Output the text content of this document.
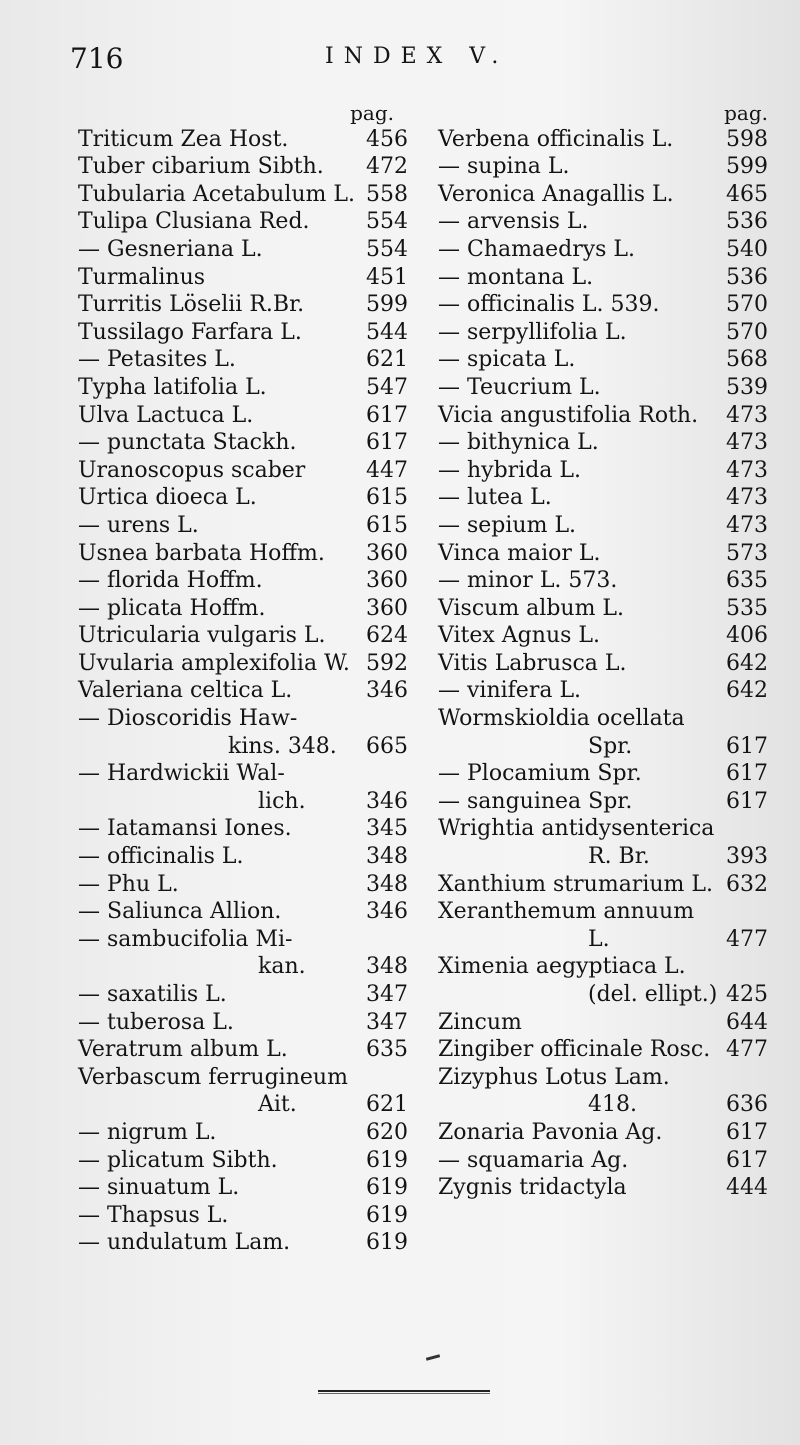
716	INDEX V.
pag.
Triticum Zea Host.	456
Tuber cibarium Sibth. 472
Tubularia Acetabulum L. 558
Tulipa Clusiana Red.	554
— Gesneriana L.	554
Turmalinus	451
Turritis Löselii R.Br.	599
Tussilago Farfara L.	544
— Petasites L.	621
Typha latifolia L.	547
Ulva Lactuca L.	617
— punctata Stackh.	617
Uranoscopus scaber	447
Urtica dioeca L.	615
— urens L.	615
Usnea barbata Hoffm. 360
— florida Hoffm.	360
— plicata Hoffm.	360
Utricularia vulgaris L. 624
Uvularia amplexifolia W. 592
Valeriana celtica L.	346
— Dioscoridis Haw-
kins. 348. 665
— Hardwickii Wal-
lich.	346
— Iatamansi Iones.	345
— officinalis L.	348
— Phu L.	348
— Saliunca Allion.	346
— sambucifolia Mi-
kan.	348
— saxatilis L.	347
— tuberosa L.	347
Veratrum album L.	635
Verbascum ferrugineum
Ait.	621
— nigrum L.	620
— plicatum Sibth.	619
— sinuatum L.	619
— Thapsus L.	619
— undulatum Lam.	619
pag.
Verbena officinalis L. 598
— supina L.	599
Veronica Anagallis L. 465
— arvensis L.	536
— Chamaedrys L.	540
— montana L.	536
— officinalis L. 539.	570
— serpyllifolia L.	570
— spicata L.	568
— Teucrium L.	539
Vicia angustifolia Roth. 473
— bithynica L.	473
— hybrida L.	473
— lutea L.	473
— sepium L.	473
Vinca maior L.	573
— minor L. 573.	635
Viscum album L.	535
Vitex Agnus L.	406
Vitis Labrusca L.	642
— vinifera L.	642
Wormskioldia ocellata
Spr.	617
— Plocamium Spr.	617
— sanguinea Spr.	617
Wrightia antidysenterica
R. Br.	393
Xanthium strumarium L. 632
Xeranthemum annuum
L.	477
Ximenia aegyptiaca L.
(del. ellipt.) 425
Zincum	644
Zingiber officinale Rosc. 477
Zizyphus Lotus Lam.
418.	636
Zonaria Pavonia Ag.	617
— squamaria Ag.	617
Zygnis tridactyla	444
